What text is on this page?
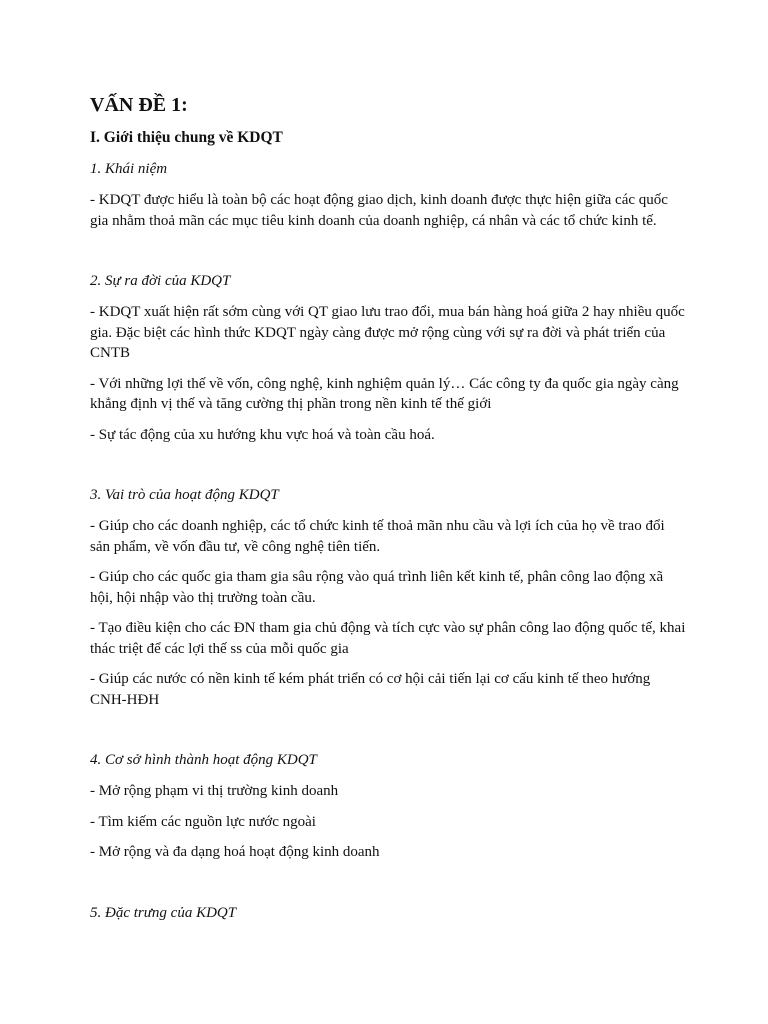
VẤN ĐỀ 1:
I. Giới thiệu chung về KDQT
1. Khái niệm
- KDQT được hiểu là toàn bộ các hoạt động giao dịch, kinh doanh được thực hiện giữa các quốc gia nhằm thoả mãn các mục tiêu kinh doanh của doanh nghiệp, cá nhân và các tổ chức kinh tế.
2. Sự ra đời của KDQT
- KDQT xuất hiện rất sớm cùng với QT giao lưu trao đổi, mua bán hàng hoá giữa 2 hay nhiều quốc gia. Đặc biệt các hình thức KDQT ngày càng được mở rộng cùng với sự ra đời và phát triển của CNTB
- Với những lợi thế về vốn, công nghệ, kinh nghiệm quản lý… Các công ty đa quốc gia ngày càng khẳng định vị thế và tăng cường thị phần trong nền kinh tế thế giới
- Sự tác động của xu hướng khu vực hoá và toàn cầu hoá.
3. Vai trò của hoạt động KDQT
- Giúp cho các doanh nghiệp, các tổ chức kinh tế thoả mãn nhu cầu và lợi ích của họ về trao đổi sản phẩm, về vốn đầu tư, về công nghệ tiên tiến.
- Giúp cho các quốc gia tham gia sâu rộng vào quá trình liên kết kinh tế, phân công lao động xã hội, hội nhập vào thị trường toàn cầu.
- Tạo điều kiện cho các ĐN tham gia chủ động và tích cực vào sự phân công lao động quốc tế, khai thác triệt để các lợi thế ss của mỗi quốc gia
- Giúp các nước có nền kinh tế kém phát triển có cơ hội cải tiến lại cơ cấu kinh tế theo hướng CNH-HĐH
4. Cơ sở hình thành hoạt động KDQT
- Mở rộng phạm vi thị trường kinh doanh
- Tìm kiếm các nguồn lực nước ngoài
- Mở rộng và đa dạng hoá hoạt động kinh doanh
5. Đặc trưng của KDQT
